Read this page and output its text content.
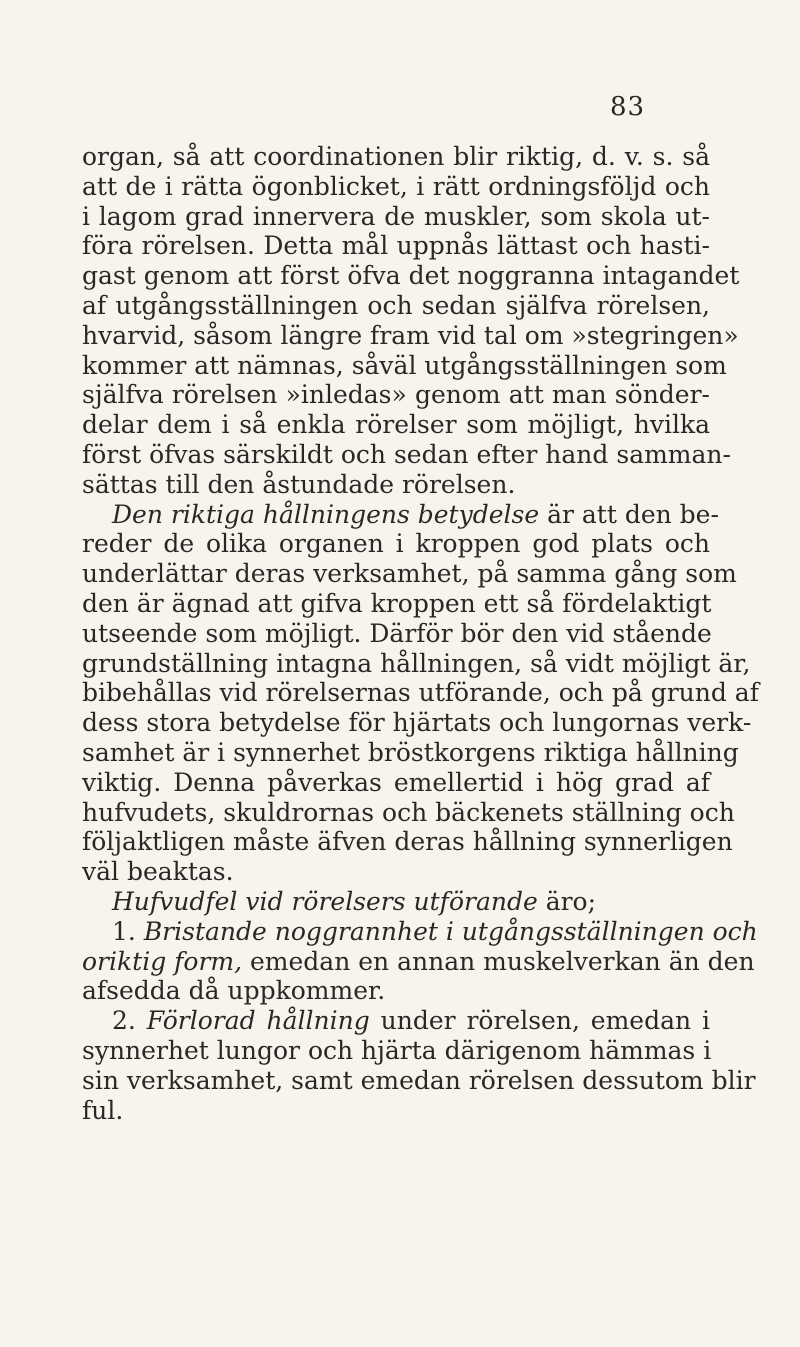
83
organ, så att coordinationen blir riktig, d. v. s. så
att de i rätta ögonblicket, i rätt ordningsföljd och
i lagom grad innervera de muskler, som skola ut-
föra rörelsen. Detta mål uppnås lättast och hasti-
gast genom att först öfva det noggranna intagandet
af utgångsställningen och sedan själfva rörelsen,
hvarvid, såsom längre fram vid tal om »stegringen»
kommer att nämnas, såväl utgångsställningen som
själfva rörelsen »inledas» genom att man sönder-
delar dem i så enkla rörelser som möjligt, hvilka
först öfvas särskildt och sedan efter hand samman-
sättas till den åstundade rörelsen.
Den riktiga hållningens betydelse är att den be-
reder de olika organen i kroppen god plats och
underlättar deras verksamhet, på samma gång som
den är ägnad att gifva kroppen ett så fördelaktigt
utseende som möjligt. Därför bör den vid stående
grundställning intagna hållningen, så vidt möjligt är,
bibehållas vid rörelsernas utförande, och på grund af
dess stora betydelse för hjärtats och lungornas verk-
samhet är i synnerhet bröstkorgens riktiga hållning
viktig. Denna påverkas emellertid i hög grad af
hufvudets, skuldrornas och bäckenets ställning och
följaktligen måste äfven deras hållning synnerligen
väl beaktas.
Hufvudfel vid rörelsers utförande äro;
1. Bristande noggrannhet i utgångsställningen och
oriktig form, emedan en annan muskelverkan än den
afsedda då uppkommer.
2. Förlorad hållning under rörelsen, emedan i
synnerhet lungor och hjärta därigenom hämmas i
sin verksamhet, samt emedan rörelsen dessutom blir
ful.
